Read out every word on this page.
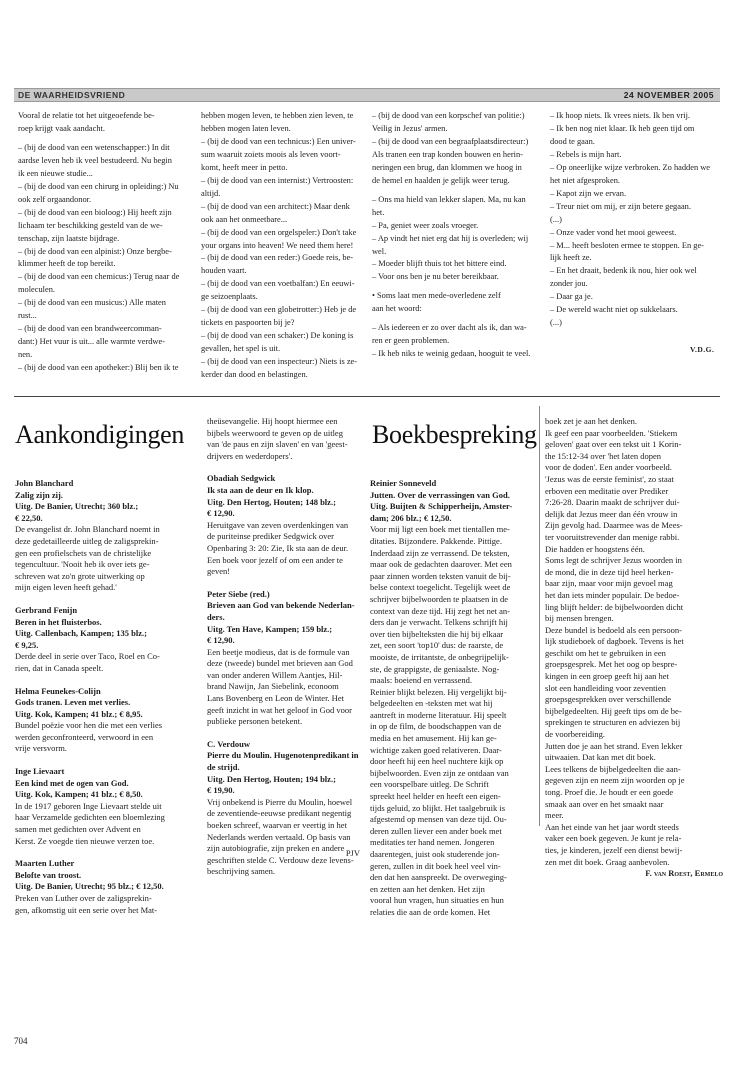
DE WAARHEIDSVRIEND	24 NOVEMBER 2005

Vooral de relatie tot het uitgeoefende be-

roep krijgt vaak aandacht.

– (bij de dood van een wetenschapper:) In dit

aardse leven heb ik veel bestudeerd. Nu begin

ik een nieuwe studie...

– (bij de dood van een chirurg in opleiding:) Nu

ook zelf orgaandonor.

– (bij de dood van een bioloog:) Hij heeft zijn

lichaam ter beschikking gesteld van de we-

tenschap, zijn laatste bijdrage.

– (bij de dood van een alpinist:) Onze bergbe-

klimmer heeft de top bereikt.

– (bij de dood van een chemicus:) Terug naar de

moleculen.

– (bij de dood van een musicus:) Alle maten

rust...

– (bij de dood van een brandweercomman-

dant:) Het vuur is uit... alle warmte verdwe-

nen.

– (bij de dood van een apotheker:) Blij ben ik te

hebben mogen leven, te hebben zien leven, te

hebben mogen laten leven.

– (bij de dood van een technicus:) Een univer-

sum waaruit zoiets moois als leven voort-

komt, heeft meer in petto.

– (bij de dood van een internist:) Vertroosten:

altijd.

– (bij de dood van een architect:) Maar denk

ook aan het onmeetbare...

– (bij de dood van een orgelspeler:) Don't take

your organs into heaven! We need them here!

– (bij de dood van een reder:) Goede reis, be-

houden vaart.

– (bij de dood van een voetbalfan:) En eeuwi-

ge seizoenplaats.

– (bij de dood van een globetrotter:) Heb je de

tickets en paspoorten bij je?

– (bij de dood van een schaker:) De koning is

gevallen, het spel is uit.

– (bij de dood van een inspecteur:) Niets is ze-

kerder dan dood en belastingen.

– (bij de dood van een korpschef van politie:)

Veilig in Jezus' armen.

– (bij de dood van een begraafplaatsdirecteur:)

Als tranen een trap konden bouwen en herin-

neringen een brug, dan klommen we hoog in

de hemel en haalden je gelijk weer terug.

– Ons ma hield van lekker slapen. Ma, nu kan

het.

– Pa, geniet weer zoals vroeger.

– Ap vindt het niet erg dat hij is overleden; wij

wel.

– Moeder blijft thuis tot het bittere eind.

– Voor ons ben je nu beter bereikbaar.

• Soms laat men mede-overledene zelf

aan het woord:

– Als iedereen er zo over dacht als ik, dan wa-

ren er geen problemen.

– Ik heb niks te weinig gedaan, hooguit te veel.

– Ik hoop niets. Ik vrees niets. Ik ben vrij.

– Ik ben nog niet klaar. Ik heb geen tijd om

dood te gaan.

– Rebels is mijn hart.

– Op oneerlijke wijze verbroken. Zo hadden we

het niet afgesproken.

– Kapot zijn we ervan.

– Treur niet om mij, er zijn betere gegaan.

(...)

– Onze vader vond het mooi geweest.

– M... heeft besloten ermee te stoppen. En ge-

lijk heeft ze.

– En het draait, bedenk ik nou, hier ook wel

zonder jou.

– Daar ga je.

– De wereld wacht niet op sukkelaars.

(...)

V.D.G.
Aankondigingen

John Blanchard

Zalig zijn zij.

Uitg. De Banier, Utrecht; 360 blz.;

€ 22,50.

De evangelist dr. John Blanchard noemt in

deze gedetailleerde uitleg de zaligsprekin-

gen een profielschets van de christelijke

tegencultuur. 'Nooit heb ik over iets ge-

schreven wat zo'n grote uitwerking op

mijn eigen leven heeft gehad.'

Gerbrand Fenijn

Beren in het fluisterbos.

Uitg. Callenbach, Kampen; 135 blz.;

€ 9,25.

Derde deel in serie over Taco, Roel en Co-

rien, dat in Canada speelt.

Helma Feunekes-Colijn

Gods tranen. Leven met verlies.

Uitg. Kok, Kampen; 41 blz.; € 8,95.

Bundel poëzie voor hen die met een verlies

werden geconfronteerd, verwoord in een

vrije versvorm.

Inge Lievaart

Een kind met de ogen van God.

Uitg. Kok, Kampen; 41 blz.; € 8,50.

In de 1917 geboren Inge Lievaart stelde uit

haar Verzamelde gedichten een bloemlezing

samen met gedichten over Advent en

Kerst. Ze voegde tien nieuwe verzen toe.

Maarten Luther

Belofte van troost.

Uitg. De Banier, Utrecht; 95 blz.; € 12,50.

Preken van Luther over de zaligsprekin-

gen, afkomstig uit een serie over het Mat-

theüsevangelie. Hij hoopt hiermee een

bijbels weerwoord te geven op de uitleg

van 'de paus en zijn slaven' en van 'geest-

drijvers en wederdopers'.

Obadiah Sedgwick

Ik sta aan de deur en Ik klop.

Uitg. Den Hertog, Houten; 148 blz.;

€ 12,90.

Heruitgave van zeven overdenkingen van

de puriteinse prediker Sedgwick over

Openbaring 3: 20: Zie, Ik sta aan de deur.

Een boek voor jezelf of om een ander te

geven!

Peter Siebe (red.)

Brieven aan God van bekende Nederlan-

ders.

Uitg. Ten Have, Kampen; 159 blz.;

€ 12,90.

Een beetje modieus, dat is de formule van

deze (tweede) bundel met brieven aan God

van onder anderen Willem Aantjes, Hil-

brand Nawijn, Jan Siebelink, econoom

Lans Bovenberg en Leon de Winter. Het

geeft inzicht in wat het geloof in God voor

publieke personen betekent.

C. Verdouw

Pierre du Moulin. Hugenotenpredikant in

de strijd.

Uitg. Den Hertog, Houten; 194 blz.;

€ 19,90.

Vrij onbekend is Pierre du Moulin, hoewel

de zeventiende-eeuwse predikant negentig

boeken schreef, waarvan er veertig in het

Nederlands werden vertaald. Op basis van

zijn autobiografie, zijn preken en andere

geschriften stelde C. Verdouw deze levens-

beschrijving samen.

PJV
704
Boekbespreking

Reinier Sonneveld

Jutten. Over de verrassingen van God.

Uitg. Buijten & Schipperheijn, Amster-

dam; 206 blz.; € 12,50.

Voor mij ligt een boek met tientallen me-

ditaties. Bijzondere. Pakkende. Pittige.

Inderdaad zijn ze verrassend. De teksten,

maar ook de gedachten daarover. Met een

paar zinnen worden teksten vanuit de bij-

belse context toegelicht. Tegelijk weet de

schrijver bijbelwoorden te plaatsen in de

context van deze tijd. Hij zegt het net an-

ders dan je verwacht. Telkens schrijft hij

over tien bijbelteksten die hij bij elkaar

zet, een soort 'top10' dus: de raarste, de

mooiste, de irritantste, de onbegrijpelijk-

ste, de grappigste, de geniaalste. Nog-

maals: boeiend en verrassend.

Reinier blijkt belezen. Hij vergelijkt bij-

belgedeelten en -teksten met wat hij

aantreft in moderne literatuur. Hij speelt

in op de film, de boodschappen van de

media en het amusement. Hij kan ge-

wichtige zaken goed relativeren. Daar-

door heeft hij een heel nuchtere kijk op

bijbelwoorden. Even zijn ze ontdaan van

een voorspelbare uitleg. De Schrift

spreekt heel helder en heeft een eigen-

tijds geluid, zo blijkt. Het taalgebruik is

afgestemd op mensen van deze tijd. Ou-

deren zullen liever een ander boek met

meditaties ter hand nemen. Jongeren

daarentegen, juist ook studerende jon-

geren, zullen in dit boek heel veel vin-

den dat hen aanspreekt. De overweging-

en zetten aan het denken. Het zijn

vooral hun vragen, hun situaties en hun

relaties die aan de orde komen. Het

boek zet je aan het denken.

Ik geef een paar voorbeelden. 'Stiekem

geloven' gaat over een tekst uit 1 Korin-

the 15:12-34 over 'het laten dopen

voor de doden'. Een ander voorbeeld.

'Jezus was de eerste feminist', zo staat

erboven een meditatie over Prediker

7:26-28. Daarin maakt de schrijver dui-

delijk dat Jezus meer dan één vrouw in

Zijn gevolg had. Daarmee was de Mees-

ter vooruitstrevender dan menige rabbi.

Die hadden er hoogstens één.

Soms legt de schrijver Jezus woorden in

de mond, die in deze tijd heel herken-

baar zijn, maar voor mijn gevoel mag

het dan iets minder populair. De bedoe-

ling blijft helder: de bijbelwoorden dicht

bij mensen brengen.

Deze bundel is bedoeld als een persoon-

lijk studieboek of dagboek. Tevens is het

geschikt om het te gebruiken in een

groepsgesprek. Met het oog op bespre-

kingen in een groep geeft hij aan het

slot een handleiding voor zeventien

groepsgesprekken over verschillende

bijbelgedeelten. Hij geeft tips om de be-

sprekingen te structuren en adviezen bij

de voorbereiding.

Jutten doe je aan het strand. Even lekker

uitwaaien. Dat kan met dit boek.

Lees telkens de bijbelgedeelten die aan-

gegeven zijn en neem zijn woorden op je

tong. Proef die. Je houdt er een goede

smaak aan over en het smaakt naar

meer.

Aan het einde van het jaar wordt steeds

vaker een boek gegeven. Je kunt je rela-

ties, je kinderen, jezelf een dienst bewij-

zen met dit boek. Graag aanbevolen.

F. van Roest, Ermelo
